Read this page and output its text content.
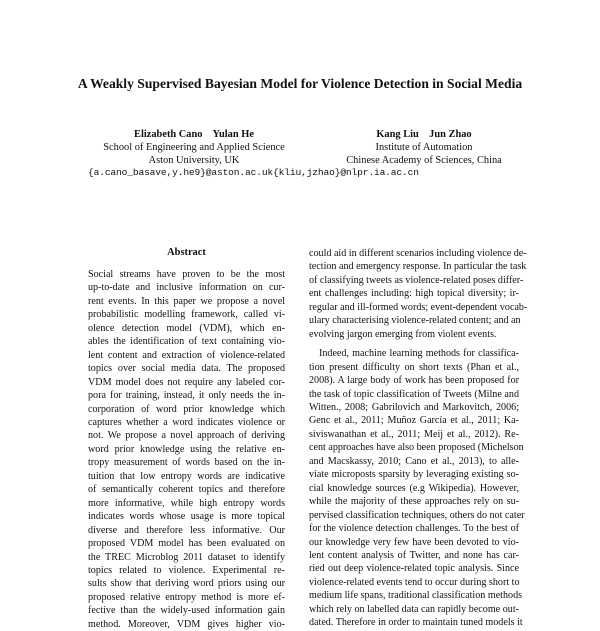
A Weakly Supervised Bayesian Model for Violence Detection in Social Media
Elizabeth Cano    Yulan He
School of Engineering and Applied Science
Aston University, UK
Kang Liu    Jun Zhao
Institute of Automation
Chinese Academy of Sciences, China
{a.cano_basave,y.he9}@aston.ac.uk{kliu,jzhao}@nlpr.ia.ac.cn
Abstract
Social streams have proven to be the most
up-to-date and inclusive information on cur-
rent events. In this paper we propose a novel
probabilistic modelling framework, called vi-
olence detection model (VDM), which en-
ables the identification of text containing vio-
lent content and extraction of violence-related
topics over social media data. The proposed
VDM model does not require any labeled cor-
pora for training, instead, it only needs the in-
corporation of word prior knowledge which
captures whether a word indicates violence or
not. We propose a novel approach of deriving
word prior knowledge using the relative en-
tropy measurement of words based on the in-
tuition that low entropy words are indicative
of semantically coherent topics and therefore
more informative, while high entropy words
indicates words whose usage is more topical
diverse and therefore less informative. Our
proposed VDM model has been evaluated on
the TREC Microblog 2011 dataset to identify
topics related to violence. Experimental re-
sults show that deriving word priors using our
proposed relative entropy method is more ef-
fective than the widely-used information gain
method. Moreover, VDM gives higher vio-
could aid in different scenarios including violence de-
tection and emergency response. In particular the task
of classifying tweets as violence-related poses differ-
ent challenges including: high topical diversity; ir-
regular and ill-formed words; event-dependent vocab-
ulary characterising violence-related content; and an
evolving jargon emerging from violent events.
Indeed, machine learning methods for classifica-
tion present difficulty on short texts (Phan et al.,
2008). A large body of work has been proposed for
the task of topic classification of Tweets (Milne and
Witten., 2008; Gabrilovich and Markovitch, 2006;
Genc et al., 2011; Muñoz García et al., 2011; Ka-
siviswanathan et al., 2011; Meij et al., 2012). Re-
cent approaches have also been proposed (Michelson
and Macskassy, 2010; Cano et al., 2013), to alle-
viate microposts sparsity by leveraging existing so-
cial knowledge sources (e.g Wikipedia). However,
while the majority of these approaches rely on su-
pervised classification techniques, others do not cater
for the violence detection challenges. To the best of
our knowledge very few have been devoted to vio-
lent content analysis of Twitter, and none has car-
ried out deep violence-related topic analysis. Since
violence-related events tend to occur during short to
medium life spans, traditional classification methods
which rely on labelled data can rapidly become out-
dated. Therefore in order to maintain tuned models it
